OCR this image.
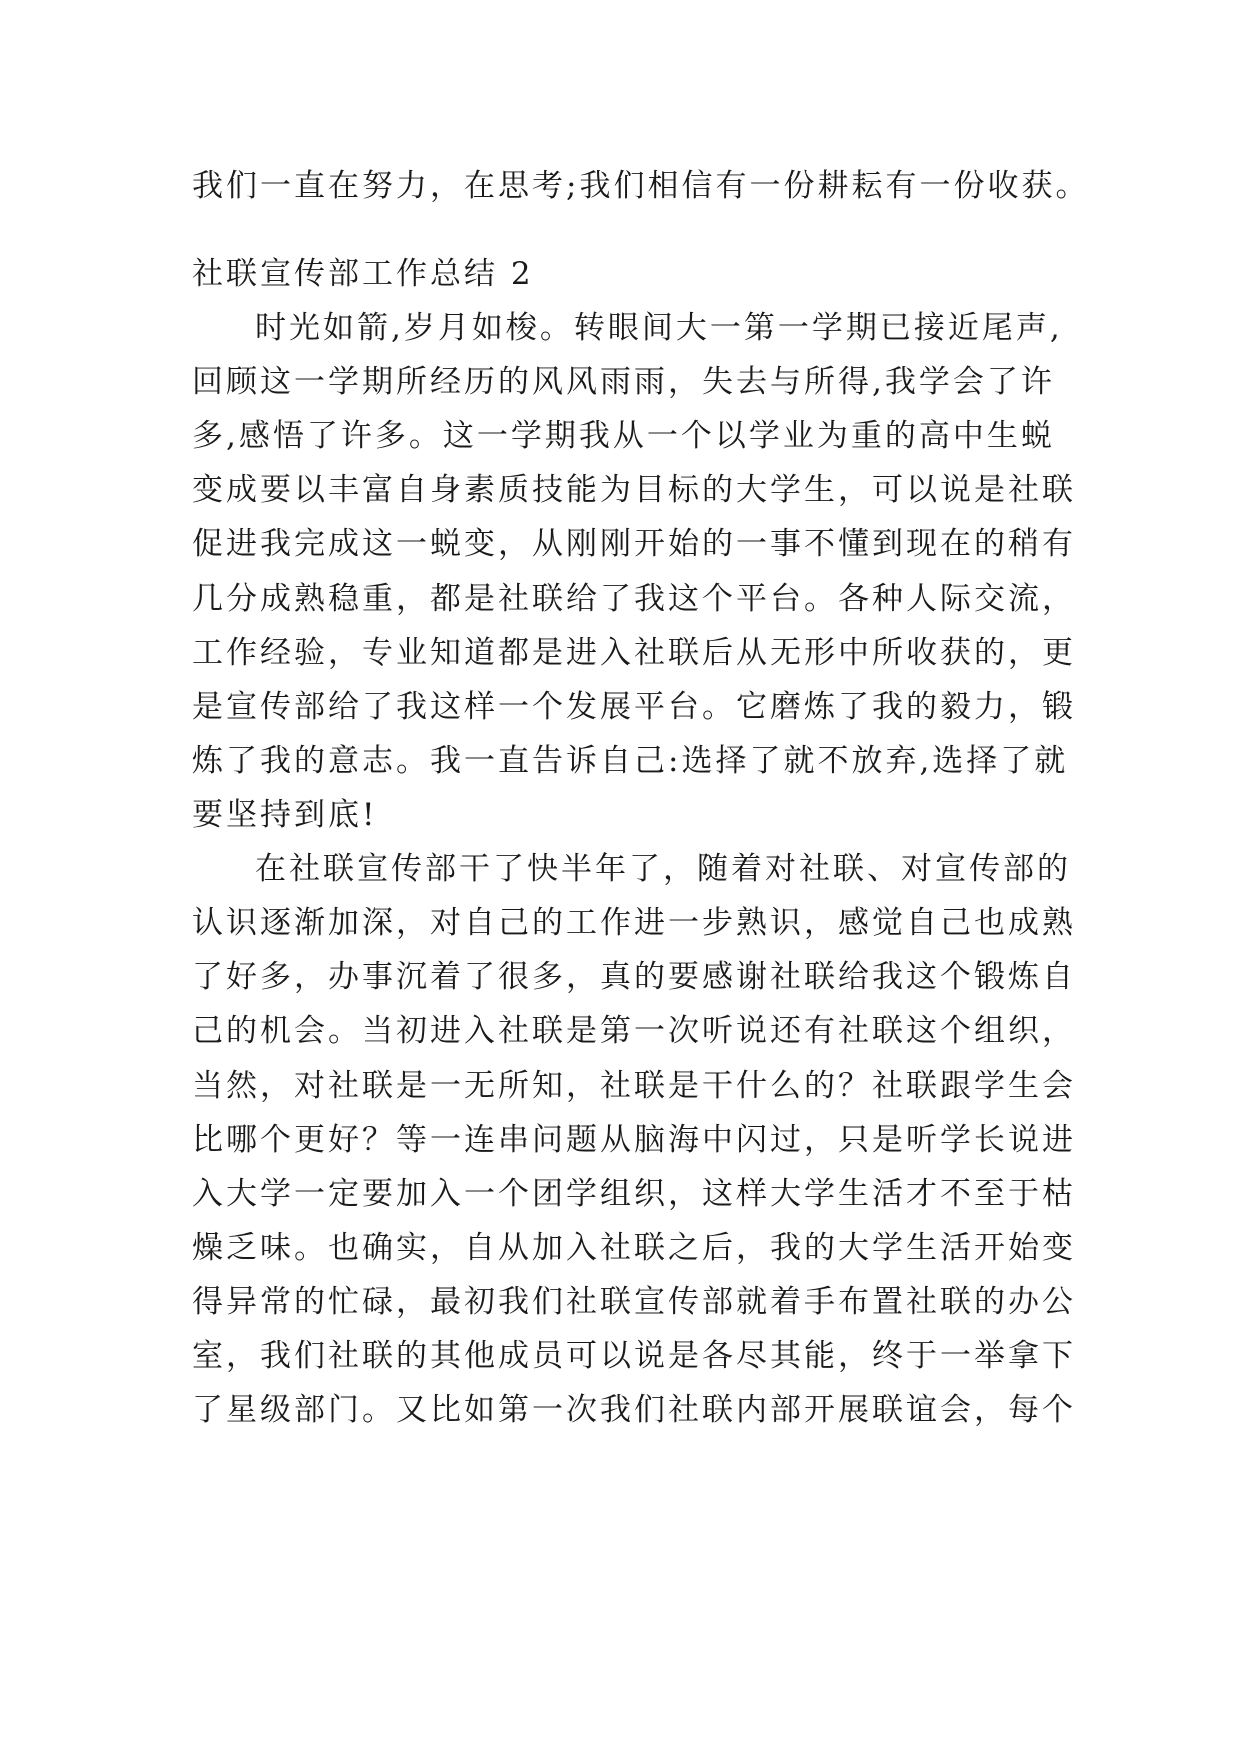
我们一直在努力，在思考;我们相信有一份耕耘有一份收获。
社联宣传部工作总结 2
时光如箭,岁月如梭。转眼间大一第一学期已接近尾声,
回顾这一学期所经历的风风雨雨，失去与所得,我学会了许
多,感悟了许多。这一学期我从一个以学业为重的高中生蜕
变成要以丰富自身素质技能为目标的大学生，可以说是社联
促进我完成这一蜕变，从刚刚开始的一事不懂到现在的稍有
几分成熟稳重，都是社联给了我这个平台。各种人际交流，
工作经验，专业知道都是进入社联后从无形中所收获的，更
是宣传部给了我这样一个发展平台。它磨炼了我的毅力，锻
炼了我的意志。我一直告诉自己:选择了就不放弃,选择了就
要坚持到底!
在社联宣传部干了快半年了，随着对社联、对宣传部的
认识逐渐加深，对自己的工作进一步熟识，感觉自己也成熟
了好多，办事沉着了很多，真的要感谢社联给我这个锻炼自
己的机会。当初进入社联是第一次听说还有社联这个组织，
当然，对社联是一无所知，社联是干什么的？社联跟学生会
比哪个更好？等一连串问题从脑海中闪过，只是听学长说进
入大学一定要加入一个团学组织，这样大学生活才不至于枯
燥乏味。也确实，自从加入社联之后，我的大学生活开始变
得异常的忙碌，最初我们社联宣传部就着手布置社联的办公
室，我们社联的其他成员可以说是各尽其能，终于一举拿下
了星级部门。又比如第一次我们社联内部开展联谊会，每个
